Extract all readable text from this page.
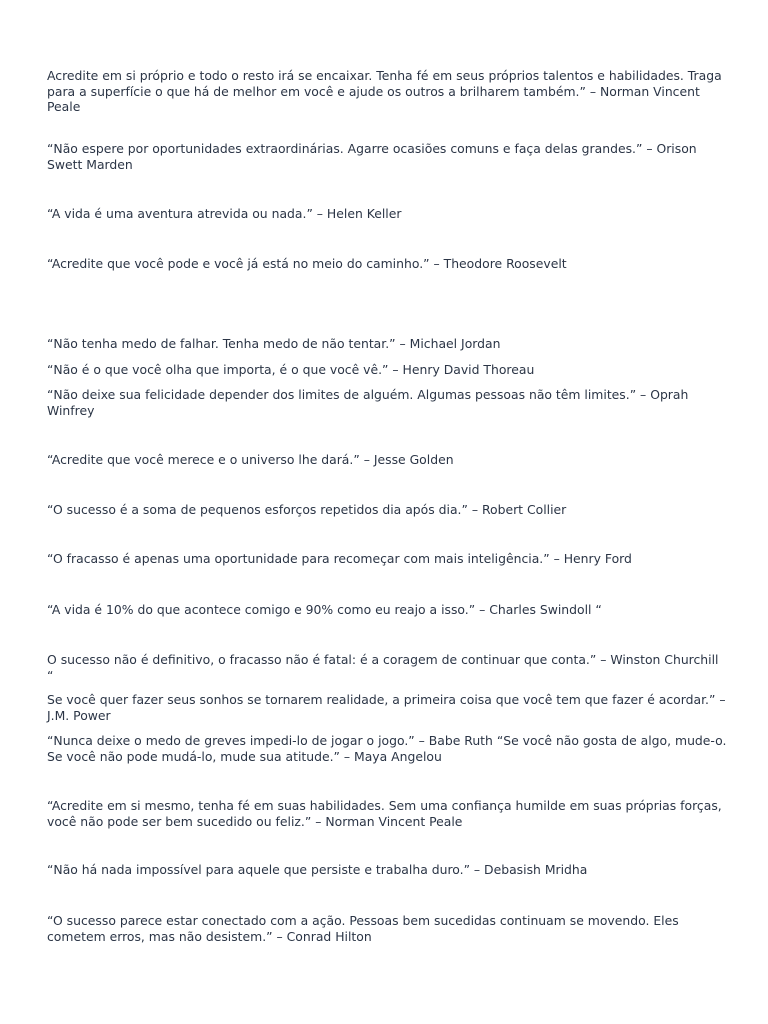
Acredite em si próprio e todo o resto irá se encaixar. Tenha fé em seus próprios talentos e habilidades. Traga para a superfície o que há de melhor em você e ajude os outros a brilharem também.” – Norman Vincent Peale

“Não espere por oportunidades extraordinárias. Agarre ocasiões comuns e faça delas grandes.” – Orison Swett Marden

“A vida é uma aventura atrevida ou nada.” – Helen Keller

“Acredite que você pode e você já está no meio do caminho.” – Theodore Roosevelt

“Não tenha medo de falhar. Tenha medo de não tentar.” – Michael Jordan

“Não é o que você olha que importa, é o que você vê.” – Henry David Thoreau

“Não deixe sua felicidade depender dos limites de alguém. Algumas pessoas não têm limites.” – Oprah Winfrey

“Acredite que você merece e o universo lhe dará.” – Jesse Golden

“O sucesso é a soma de pequenos esforços repetidos dia após dia.” – Robert Collier

“O fracasso é apenas uma oportunidade para recomeçar com mais inteligência.” – Henry Ford

“A vida é 10% do que acontece comigo e 90% como eu reajo a isso.” – Charles Swindoll “

O sucesso não é definitivo, o fracasso não é fatal: é a coragem de continuar que conta.” – Winston Churchill “

Se você quer fazer seus sonhos se tornarem realidade, a primeira coisa que você tem que fazer é acordar.” – J.M. Power

“Nunca deixe o medo de greves impedi-lo de jogar o jogo.” – Babe Ruth “Se você não gosta de algo, mude-o. Se você não pode mudá-lo, mude sua atitude.” – Maya Angelou

“Acredite em si mesmo, tenha fé em suas habilidades. Sem uma confiança humilde em suas próprias forças, você não pode ser bem sucedido ou feliz.” – Norman Vincent Peale

“Não há nada impossível para aquele que persiste e trabalha duro.” – Debasish Mridha

“O sucesso parece estar conectado com a ação. Pessoas bem sucedidas continuam se movendo. Eles cometem erros, mas não desistem.” – Conrad Hilton
